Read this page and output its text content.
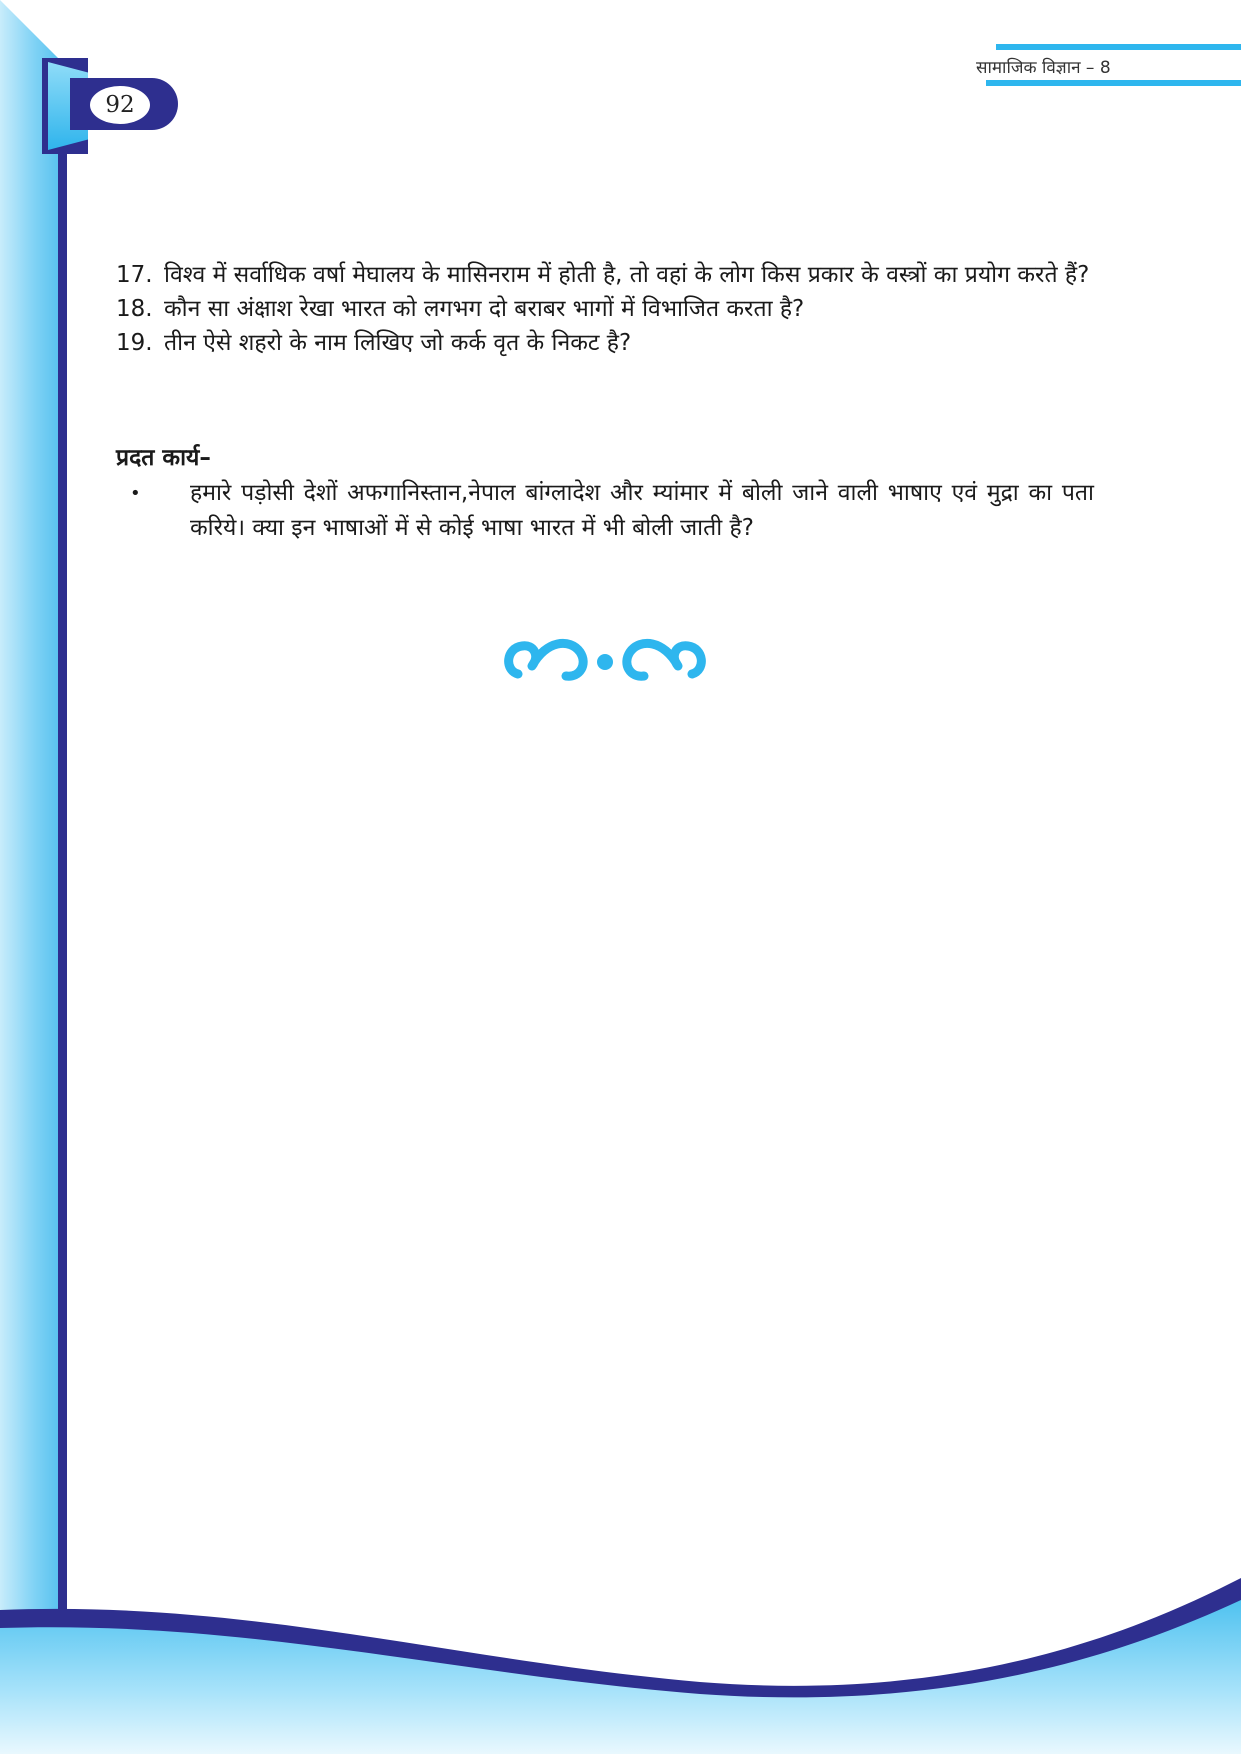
92
सामाजिक विज्ञान – 8
17. विश्व में सर्वाधिक वर्षा मेघालय के मासिनराम में होती है, तो वहां के लोग किस प्रकार के वस्त्रों का प्रयोग करते हैं?
18. कौन सा अंक्षाश रेखा भारत को लगभग दो बराबर भागों में विभाजित करता है?
19. तीन ऐसे शहरो के नाम लिखिए जो कर्क वृत के निकट है?
प्रदत कार्य–
•	हमारे पड़ोसी देशों अफगानिस्तान,नेपाल बांग्लादेश और म्यांमार में बोली जाने वाली भाषाए एवं मुद्रा का पता करिये। क्या इन भाषाओं में से कोई भाषा भारत में भी बोली जाती है?
